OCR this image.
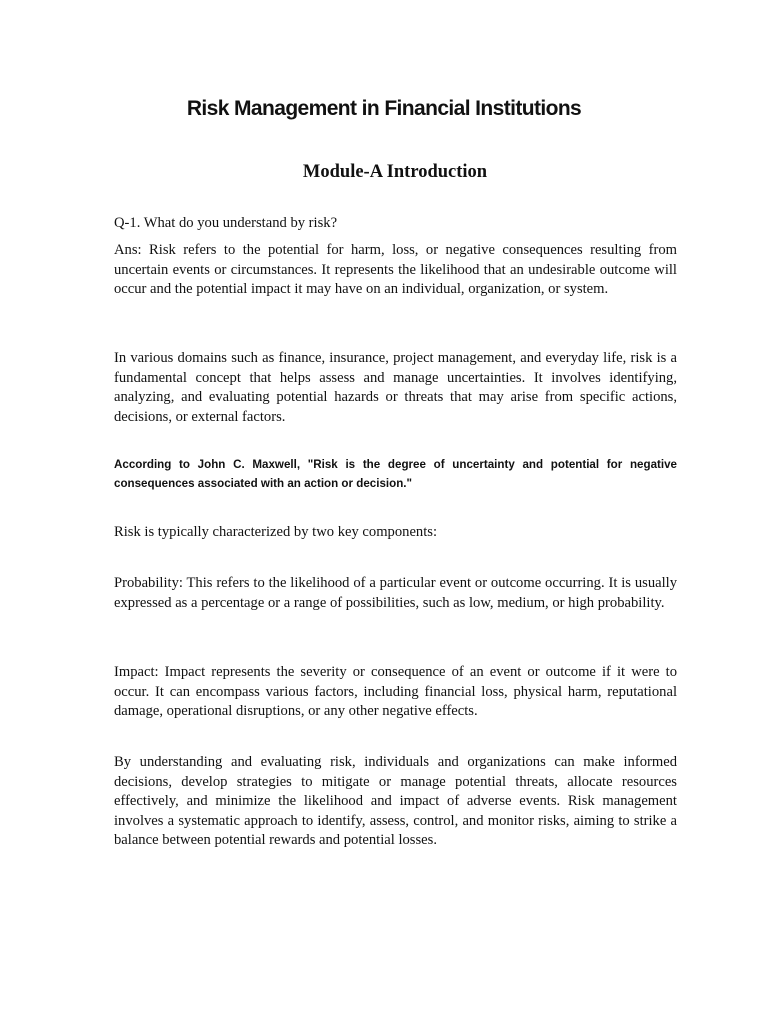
Risk Management in Financial Institutions
Module-A Introduction

Q-1. What do you understand by risk?

Ans: Risk refers to the potential for harm, loss, or negative consequences resulting from uncertain events or circumstances. It represents the likelihood that an undesirable outcome will occur and the potential impact it may have on an individual, organization, or system.

In various domains such as finance, insurance, project management, and everyday life, risk is a fundamental concept that helps assess and manage uncertainties. It involves identifying, analyzing, and evaluating potential hazards or threats that may arise from specific actions, decisions, or external factors.

According to John C. Maxwell, "Risk is the degree of uncertainty and potential for negative consequences associated with an action or decision."

Risk is typically characterized by two key components:

Probability: This refers to the likelihood of a particular event or outcome occurring. It is usually expressed as a percentage or a range of possibilities, such as low, medium, or high probability.

Impact: Impact represents the severity or consequence of an event or outcome if it were to occur. It can encompass various factors, including financial loss, physical harm, reputational damage, operational disruptions, or any other negative effects.

By understanding and evaluating risk, individuals and organizations can make informed decisions, develop strategies to mitigate or manage potential threats, allocate resources effectively, and minimize the likelihood and impact of adverse events. Risk management involves a systematic approach to identify, assess, control, and monitor risks, aiming to strike a balance between potential rewards and potential losses.
